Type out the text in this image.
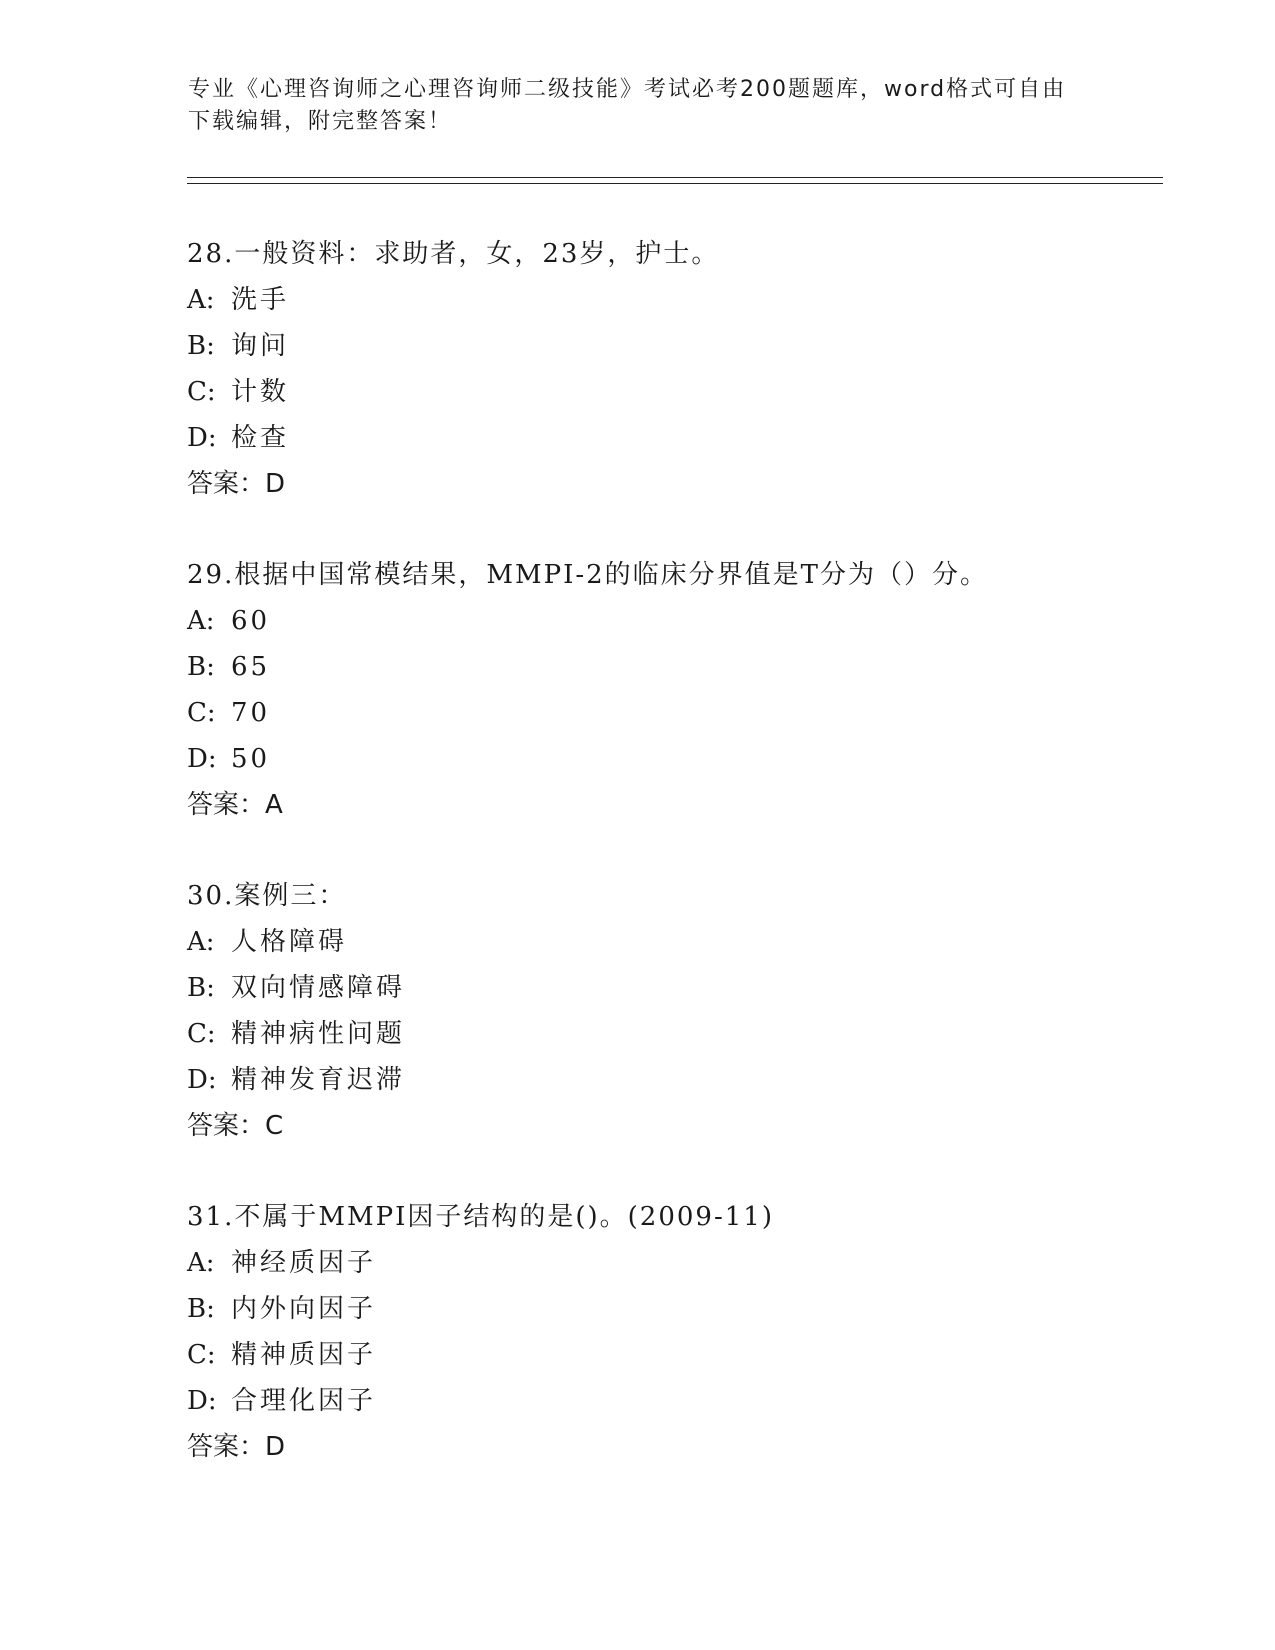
专业《心理咨询师之心理咨询师二级技能》考试必考200题题库，word格式可自由下载编辑，附完整答案！
28.一般资料：求助者，女，23岁，护士。
A: 洗手
B: 询问
C: 计数
D: 检查
答案：D
29.根据中国常模结果，MMPI-2的临床分界值是T分为（）分。
A: 60
B: 65
C: 70
D: 50
答案：A
30.案例三：
A: 人格障碍
B: 双向情感障碍
C: 精神病性问题
D: 精神发育迟滞
答案：C
31.不属于MMPI因子结构的是()。(2009-11)
A: 神经质因子
B: 内外向因子
C: 精神质因子
D: 合理化因子
答案：D
